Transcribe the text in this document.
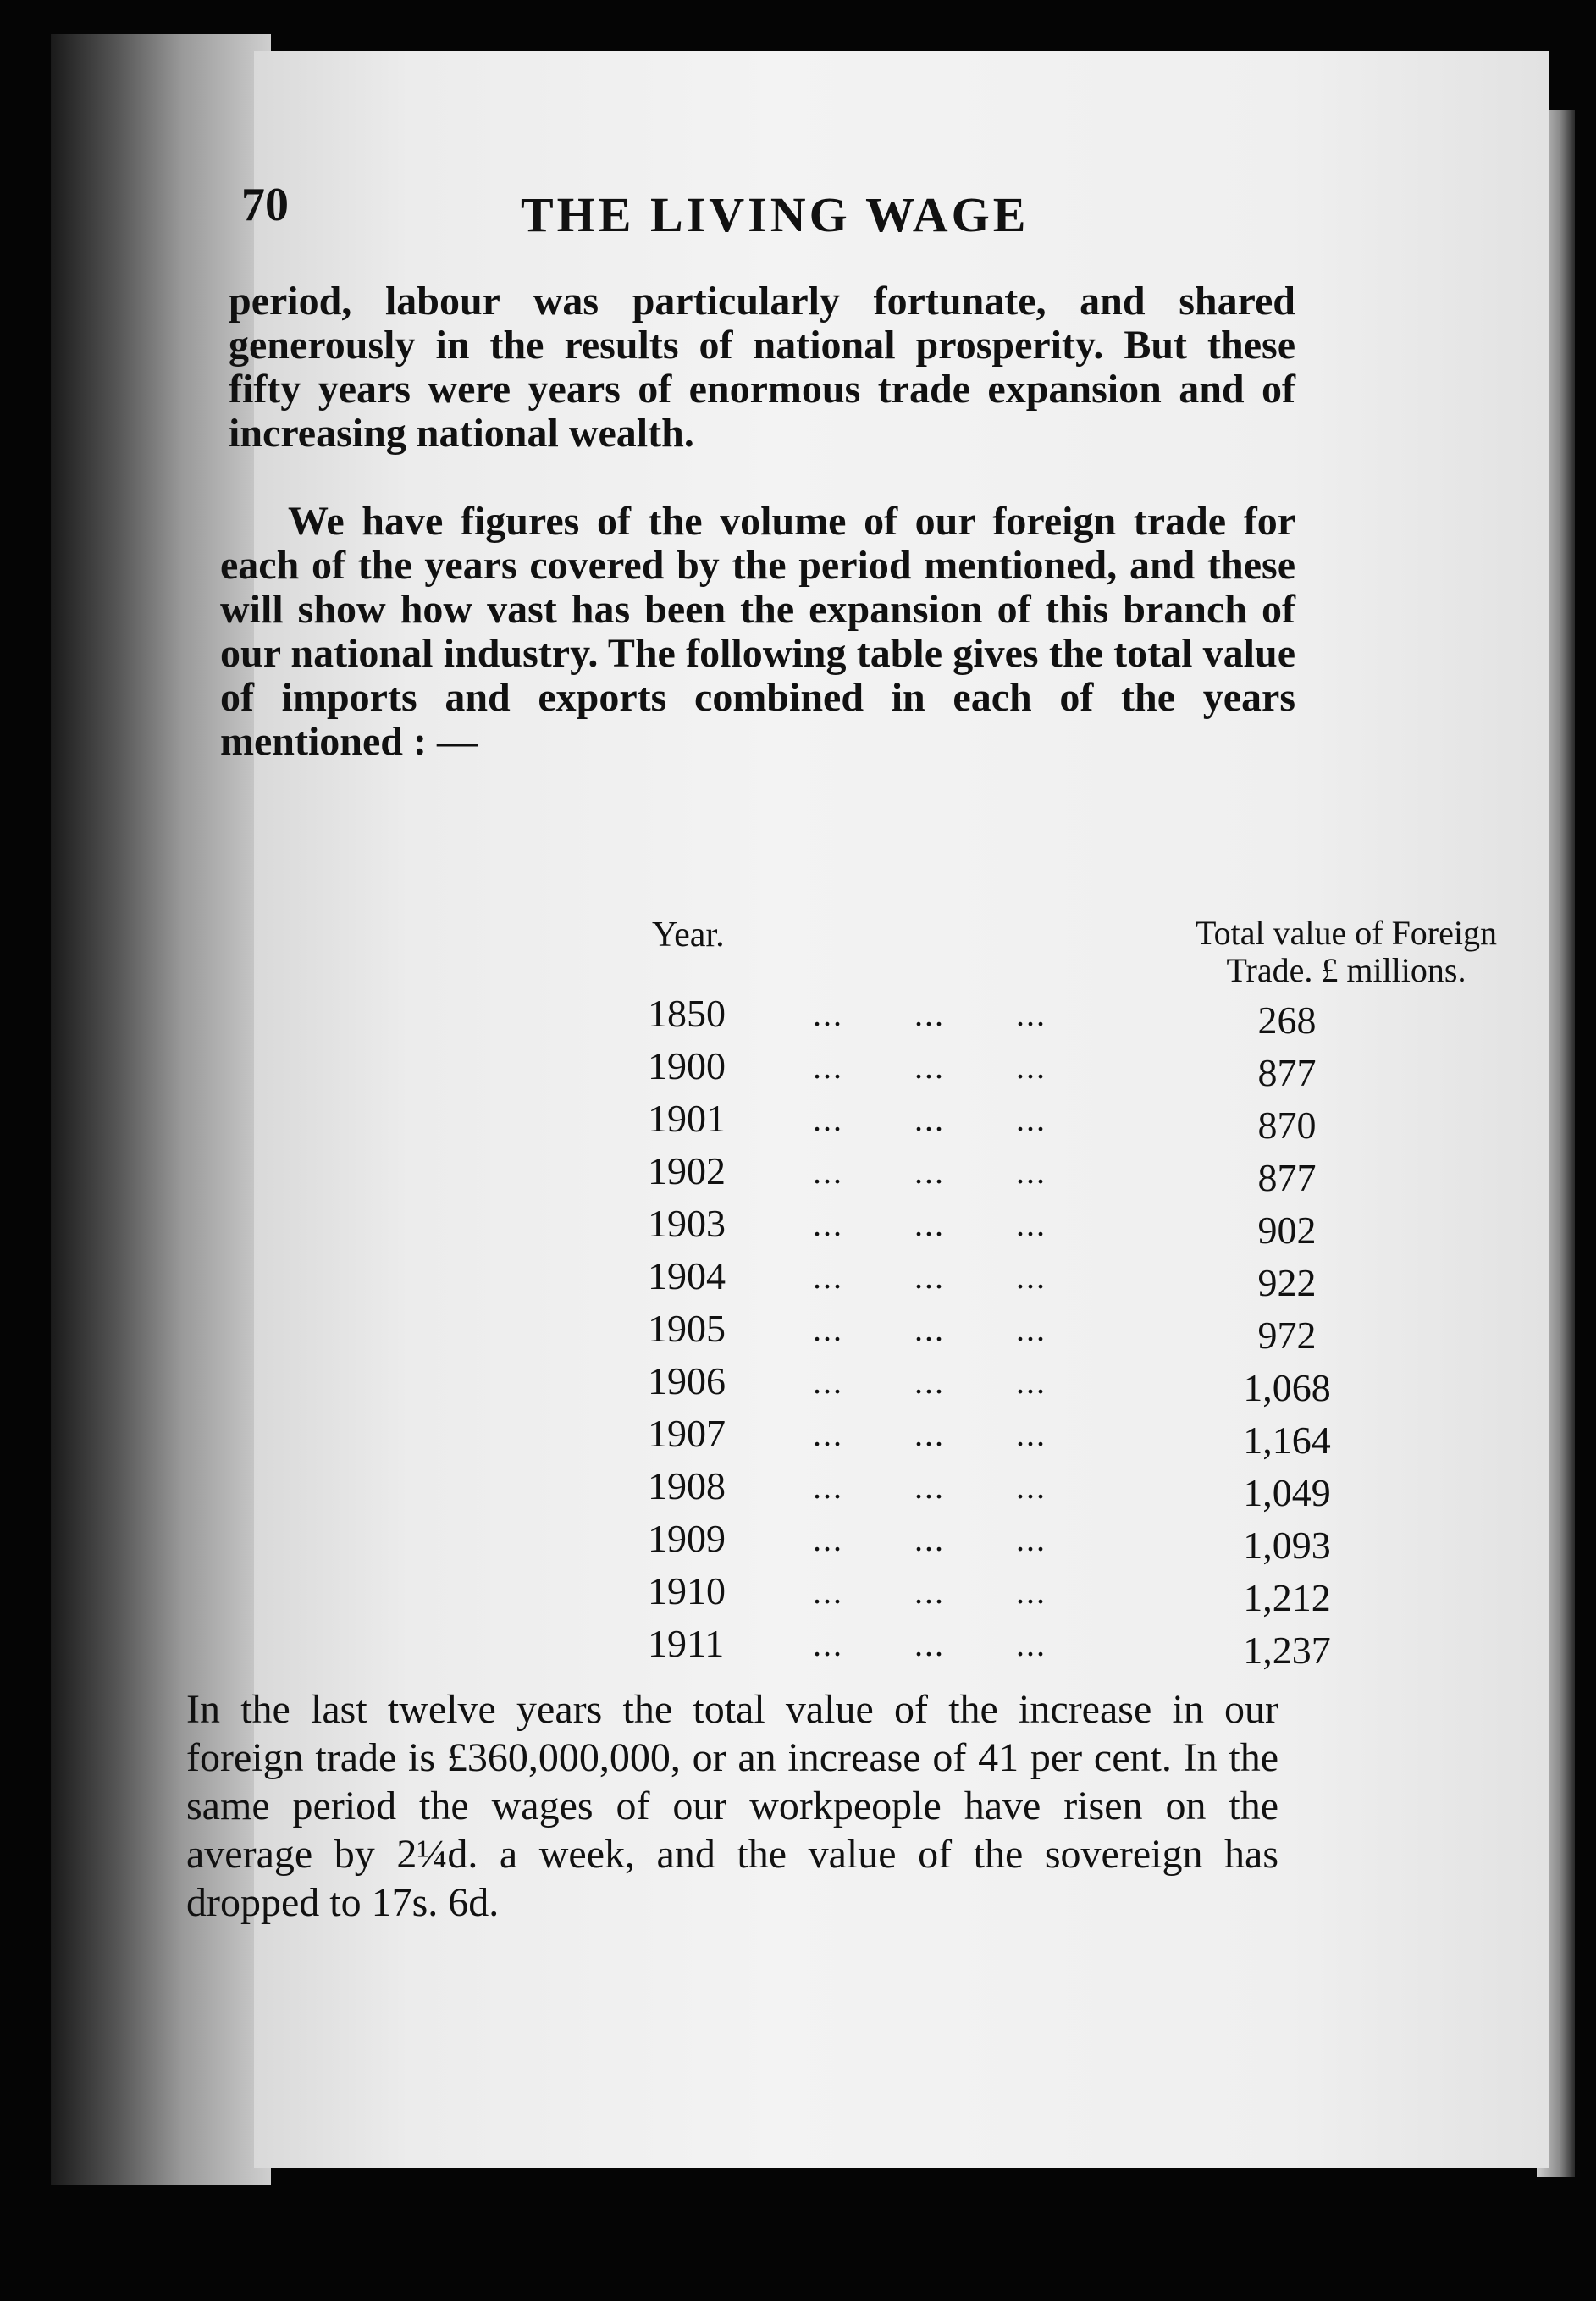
70	THE LIVING WAGE

period, labour was particularly fortunate, and shared generously in the results of national prosperity. But these fifty years were years of enormous trade expansion and of increasing national wealth.

We have figures of the volume of our foreign trade for each of the years covered by the period mentioned, and these will show how vast has been the expansion of this branch of our national industry. The following table gives the total value of imports and exports combined in each of the years mentioned : —

Year.	Total value of Foreign
Trade. £ millions.
1850	...       ...       ...	268
1900	...       ...       ...	877
1901	...       ...       ...	870
1902	...       ...       ...	877
1903	...       ...       ...	902
1904	...       ...       ...	922
1905	...       ...       ...	972
1906	...       ...       ...	1,068
1907	...       ...       ...	1,164
1908	...       ...       ...	1,049
1909	...       ...       ...	1,093
1910	...       ...       ...	1,212
1911	...       ...       ...	1,237

In the last twelve years the total value of the increase in our foreign trade is £360,000,000, or an increase of 41 per cent. In the same period the wages of our workpeople have risen on the average by 2¼d. a week, and the value of the sovereign has dropped to 17s. 6d.
